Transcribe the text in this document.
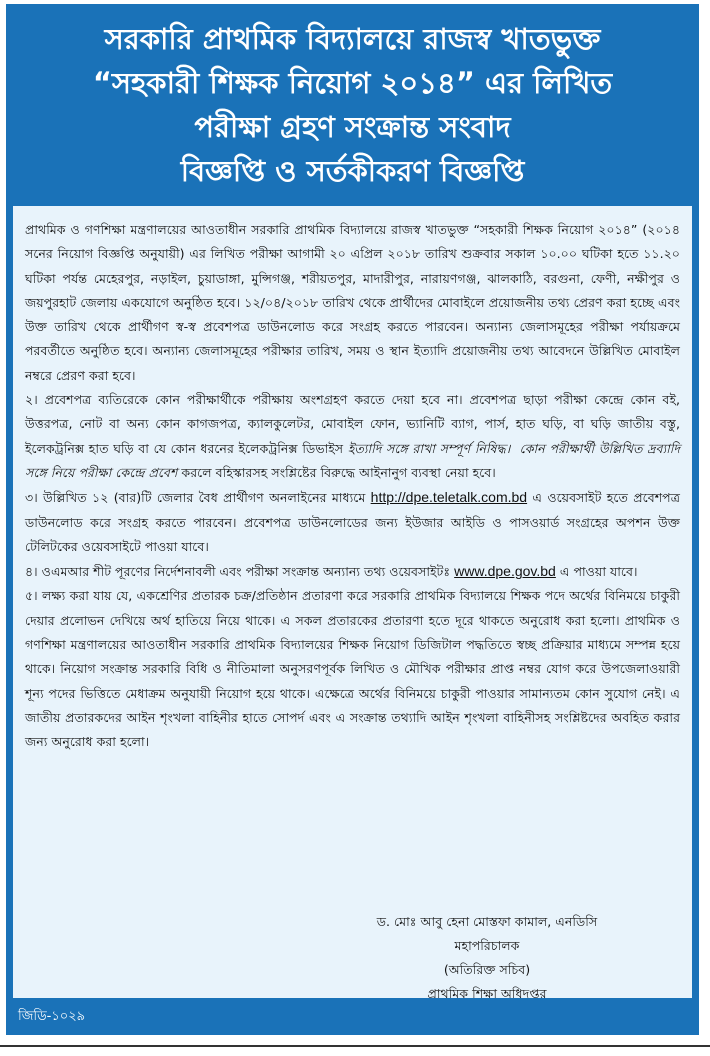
সরকারি প্রাথমিক বিদ্যালয়ে রাজস্ব খাতভুক্ত
“সহকারী শিক্ষক নিয়োগ ২০১৪” এর লিখিত
পরীক্ষা গ্রহণ সংক্রান্ত সংবাদ
বিজ্ঞপ্তি ও সর্তকীকরণ বিজ্ঞপ্তি

প্রাথমিক ও গণশিক্ষা মন্ত্রণালয়ের আওতাধীন সরকারি প্রাথমিক বিদ্যালয়ে রাজস্ব খাতভুক্ত “সহকারী শিক্ষক নিয়োগ ২০১৪” (২০১৪ সনের নিয়োগ বিজ্ঞপ্তি অনুযায়ী) এর লিখিত পরীক্ষা আগামী ২০ এপ্রিল ২০১৮ তারিখ শুক্রবার সকাল ১০.০০ ঘটিকা হতে ১১.২০ ঘটিকা পর্যন্ত মেহেরপুর, নড়াইল, চুয়াডাঙ্গা, মুন্সিগঞ্জ, শরীয়তপুর, মাদারীপুর, নারায়ণগঞ্জ, ঝালকাঠি, বরগুনা, ফেণী, নক্ষীপুর ও জয়পুরহাট জেলায় একযোগে অনুষ্ঠিত হবে। ১২/০৪/২০১৮ তারিখ থেকে প্রার্থীদের মোবাইলে প্রয়োজনীয় তথ্য প্রেরণ করা হচ্ছে এবং উক্ত তারিখ থেকে প্রার্থীগণ স্ব-স্ব প্রবেশপত্র ডাউনলোড করে সংগ্রহ করতে পারবেন। অন্যান্য জেলাসমূহের পরীক্ষা পর্যায়ক্রমে পরবর্তীতে অনুষ্ঠিত হবে। অন্যান্য জেলাসমূহের পরীক্ষার তারিখ, সময় ও স্থান ইত্যাদি প্রয়োজনীয় তথ্য আবেদনে উল্লিখিত মোবাইল নম্বরে প্রেরণ করা হবে।

২। প্রবেশপত্র ব্যতিরেকে কোন পরীক্ষার্থীকে পরীক্ষায় অংশগ্রহণ করতে দেয়া হবে না। প্রবেশপত্র ছাড়া পরীক্ষা কেন্দ্রে কোন বই, উত্তরপত্র, নোট বা অন্য কোন কাগজপত্র, ক্যালকুলেটর, মোবাইল ফোন, ভ্যানিটি ব্যাগ, পার্স, হাত ঘড়ি, বা ঘড়ি জাতীয় বস্তু, ইলেকট্রনিক্স হাত ঘড়ি বা যে কোন ধরনের ইলেকট্রনিক্স ডিভাইস ইত্যাদি সঙ্গে রাখা সম্পূর্ণ নিষিদ্ধ। কোন পরীক্ষার্থী উল্লিখিত দ্রব্যাদি সঙ্গে নিয়ে পরীক্ষা কেন্দ্রে প্রবেশ করলে বহিস্কারসহ সংশ্লিষ্টের বিরুদ্ধে আইনানুগ ব্যবস্থা নেয়া হবে।

৩। উল্লিখিত ১২ (বার)টি জেলার বৈধ প্রার্থীগণ অনলাইনের মাধ্যমে http://dpe.teletalk.com.bd এ ওয়েবসাইট হতে প্রবেশপত্র ডাউনলোড করে সংগ্রহ করতে পারবেন। প্রবেশপত্র ডাউনলোডের জন্য ইউজার আইডি ও পাসওয়ার্ড সংগ্রহের অপশন উক্ত টেলিটকের ওয়েবসাইটে পাওয়া যাবে।

৪। ওএমআর শীট পূরণের নির্দেশনাবলী এবং পরীক্ষা সংক্রান্ত অন্যান্য তথ্য ওয়েবসাইটঃ www.dpe.gov.bd এ পাওয়া যাবে।

৫। লক্ষ্য করা যায় যে, একশ্রেণির প্রতারক চক্র/প্রতিষ্ঠান প্রতারণা করে সরকারি প্রাথমিক বিদ্যালয়ে শিক্ষক পদে অর্থের বিনিময়ে চাকুরী দেয়ার প্রলোভন দেখিয়ে অর্থ হাতিয়ে নিয়ে থাকে। এ সকল প্রতারকের প্রতারণা হতে দূরে থাকতে অনুরোধ করা হলো। প্রাথমিক ও গণশিক্ষা মন্ত্রণালয়ের আওতাধীন সরকারি প্রাথমিক বিদ্যালয়ের শিক্ষক নিয়োগ ডিজিটাল পদ্ধতিতে স্বচ্ছ প্রক্রিয়ার মাধ্যমে সম্পন্ন হয়ে থাকে। নিয়োগ সংক্রান্ত সরকারি বিধি ও নীতিমালা অনুসরণপূর্বক লিখিত ও মৌখিক পরীক্ষার প্রাপ্ত নম্বর যোগ করে উপজেলাওয়ারী শূন্য পদের ভিত্তিতে মেধাক্রম অনুযায়ী নিয়োগ হয়ে থাকে। এক্ষেত্রে অর্থের বিনিময়ে চাকুরী পাওয়ার সামান্যতম কোন সুযোগ নেই। এ জাতীয় প্রতারকদের আইন শৃংখলা বাহিনীর হাতে সোপর্দ এবং এ সংক্রান্ত তথ্যাদি আইন শৃংখলা বাহিনীসহ সংশ্লিষ্টদের অবহিত করার জন্য অনুরোধ করা হলো।

ড. মোঃ আবু হেনা মোস্তফা কামাল, এনডিসি
মহাপরিচালক
(অতিরিক্ত সচিব)
প্রাথমিক শিক্ষা অধিদপ্তর
জিডি-১০২৯
